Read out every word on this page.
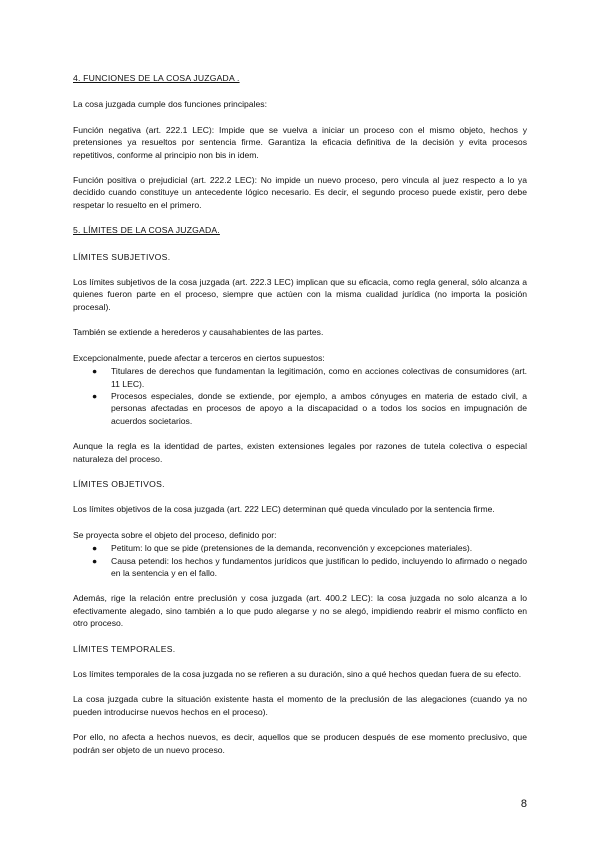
4. FUNCIONES DE LA COSA JUZGADA .

La cosa juzgada cumple dos funciones principales:

Función negativa (art. 222.1 LEC): Impide que se vuelva a iniciar un proceso con el mismo objeto, hechos y pretensiones ya resueltos por sentencia firme. Garantiza la eficacia definitiva de la decisión y evita procesos repetitivos, conforme al principio non bis in idem.

Función positiva o prejudicial (art. 222.2 LEC): No impide un nuevo proceso, pero vincula al juez respecto a lo ya decidido cuando constituye un antecedente lógico necesario. Es decir, el segundo proceso puede existir, pero debe respetar lo resuelto en el primero.

5. LÍMITES DE LA COSA JUZGADA.
LÍMITES SUBJETIVOS.

Los límites subjetivos de la cosa juzgada (art. 222.3 LEC) implican que su eficacia, como regla general, sólo alcanza a quienes fueron parte en el proceso, siempre que actúen con la misma cualidad jurídica (no importa la posición procesal).

También se extiende a herederos y causahabientes de las partes.

Excepcionalmente, puede afectar a terceros en ciertos supuestos:

● Titulares de derechos que fundamentan la legitimación, como en acciones colectivas de consumidores (art. 11 LEC).
● Procesos especiales, donde se extiende, por ejemplo, a ambos cónyuges en materia de estado civil, a personas afectadas en procesos de apoyo a la discapacidad o a todos los socios en impugnación de acuerdos societarios.

Aunque la regla es la identidad de partes, existen extensiones legales por razones de tutela colectiva o especial naturaleza del proceso.

LÍMITES OBJETIVOS.

Los límites objetivos de la cosa juzgada (art. 222 LEC) determinan qué queda vinculado por la sentencia firme.

Se proyecta sobre el objeto del proceso, definido por:

● Petitum: lo que se pide (pretensiones de la demanda, reconvención y excepciones materiales).
● Causa petendi: los hechos y fundamentos jurídicos que justifican lo pedido, incluyendo lo afirmado o negado en la sentencia y en el fallo.

Además, rige la relación entre preclusión y cosa juzgada (art. 400.2 LEC): la cosa juzgada no solo alcanza a lo efectivamente alegado, sino también a lo que pudo alegarse y no se alegó, impidiendo reabrir el mismo conflicto en otro proceso.

LÍMITES TEMPORALES.

Los límites temporales de la cosa juzgada no se refieren a su duración, sino a qué hechos quedan fuera de su efecto.

La cosa juzgada cubre la situación existente hasta el momento de la preclusión de las alegaciones (cuando ya no pueden introducirse nuevos hechos en el proceso).

Por ello, no afecta a hechos nuevos, es decir, aquellos que se producen después de ese momento preclusivo, que podrán ser objeto de un nuevo proceso.

8
